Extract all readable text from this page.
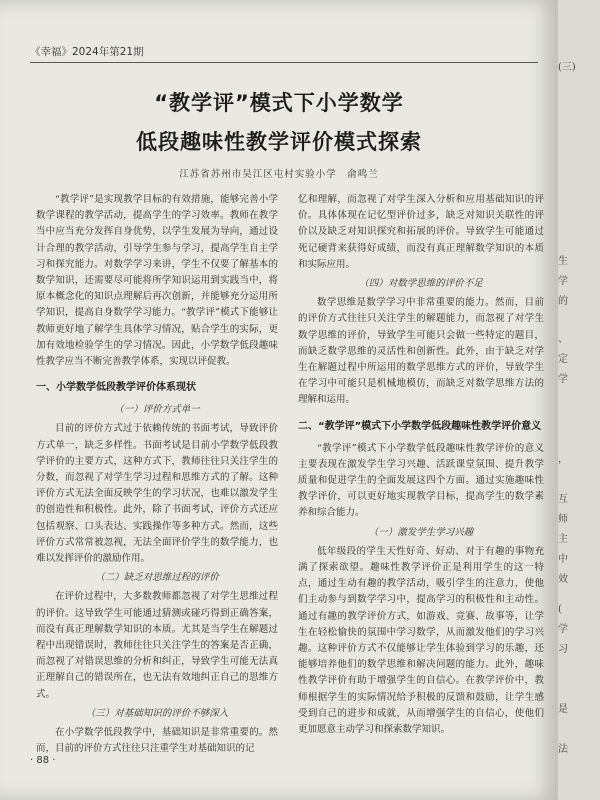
(三)
生
学
的
、
定
学
，
互
师
主
中
效
(
学
习
是
法
《幸福》2024年第21期
“教学评”模式下小学数学
低段趣味性教学评价模式探索
江苏省苏州市吴江区屯村实验小学　俞鸣兰

“教学评”是实现教学目标的有效措施，能够完善小学数学课程的教学活动，提高学生的学习效率。教师在教学当中应当充分发挥自身优势，以学生发展为导向，通过设计合理的教学活动，引导学生参与学习，提高学生自主学习和探究能力。对数学学习来讲，学生不仅要了解基本的数学知识，还需要尽可能将所学知识运用到实践当中，将原本概念化的知识点理解后再次创新，并能够充分运用所学知识，提高自身数学学习能力。“教学评”模式下能够让教师更好地了解学生具体学习情况，贴合学生的实际，更加有效地检验学生的学习情况。因此，小学数学低段趣味性教学应当不断完善教学体系，实现以评促教。

一、小学数学低段教学评价体系现状
（一）评价方式单一

目前的评价方式过于依赖传统的书面考试，导致评价方式单一，缺乏多样性。书面考试是目前小学数学低段教学评价的主要方式，这种方式下，教师往往只关注学生的分数，而忽视了对学生学习过程和思维方式的了解。这种评价方式无法全面反映学生的学习状况，也难以激发学生的创造性和积极性。此外，除了书面考试，评价方式还应包括观察、口头表达、实践操作等多种方式。然而，这些评价方式常常被忽视，无法全面评价学生的数学能力，也难以发挥评价的激励作用。

（二）缺乏对思维过程的评价

在评价过程中，大多数教师都忽视了对学生思维过程的评价。这导致学生可能通过猜测或碰巧得到正确答案，而没有真正理解数学知识的本质。尤其是当学生在解题过程中出现错误时，教师往往只关注学生的答案是否正确，而忽视了对错误思维的分析和纠正，导致学生可能无法真正理解自己的错误所在，也无法有效地纠正自己的思维方式。

（三）对基础知识的评价不够深入

在小学数学低段教学中，基础知识是非常重要的。然而，目前的评价方式往往只注重学生对基础知识的记

忆和理解，而忽视了对学生深入分析和应用基础知识的评价。具体体现在记忆型评价过多，缺乏对知识关联性的评价以及缺乏对知识探究和拓展的评价。导致学生可能通过死记硬背来获得好成绩，而没有真正理解数学知识的本质和实际应用。

（四）对数学思维的评价不足

数学思维是数学学习中非常重要的能力。然而，目前的评价方式往往只关注学生的解题能力，而忽视了对学生数学思维的评价，导致学生可能只会做一些特定的题目，而缺乏数学思维的灵活性和创新性。此外，由于缺乏对学生在解题过程中所运用的数学思维方式的评价，导致学生在学习中可能只是机械地模仿，而缺乏对数学思维方法的理解和运用。

二、“教学评”模式下小学数学低段趣味性教学评价意义

“教学评”模式下小学数学低段趣味性教学评价的意义主要表现在激发学生学习兴趣、活跃课堂氛围、提升教学质量和促进学生的全面发展这四个方面。通过实施趣味性教学评价，可以更好地实现教学目标，提高学生的数学素养和综合能力。

（一）激发学生学习兴趣

低年级段的学生天性好奇、好动、对于有趣的事物充满了探索欲望。趣味性教学评价正是利用学生的这一特点，通过生动有趣的教学活动，吸引学生的注意力，使他们主动参与到数学学习中，提高学习的积极性和主动性。通过有趣的教学评价方式，如游戏、竞赛、故事等，让学生在轻松愉快的氛围中学习数学，从而激发他们的学习兴趣。这种评价方式不仅能够让学生体验到学习的乐趣，还能够培养他们的数学思维和解决问题的能力。此外，趣味性教学评价有助于增强学生的自信心。在教学评价中，教师根据学生的实际情况给予积极的反馈和鼓励，让学生感受到自己的进步和成就，从而增强学生的自信心，使他们更加愿意主动学习和探索数学知识。

· 88 ·
